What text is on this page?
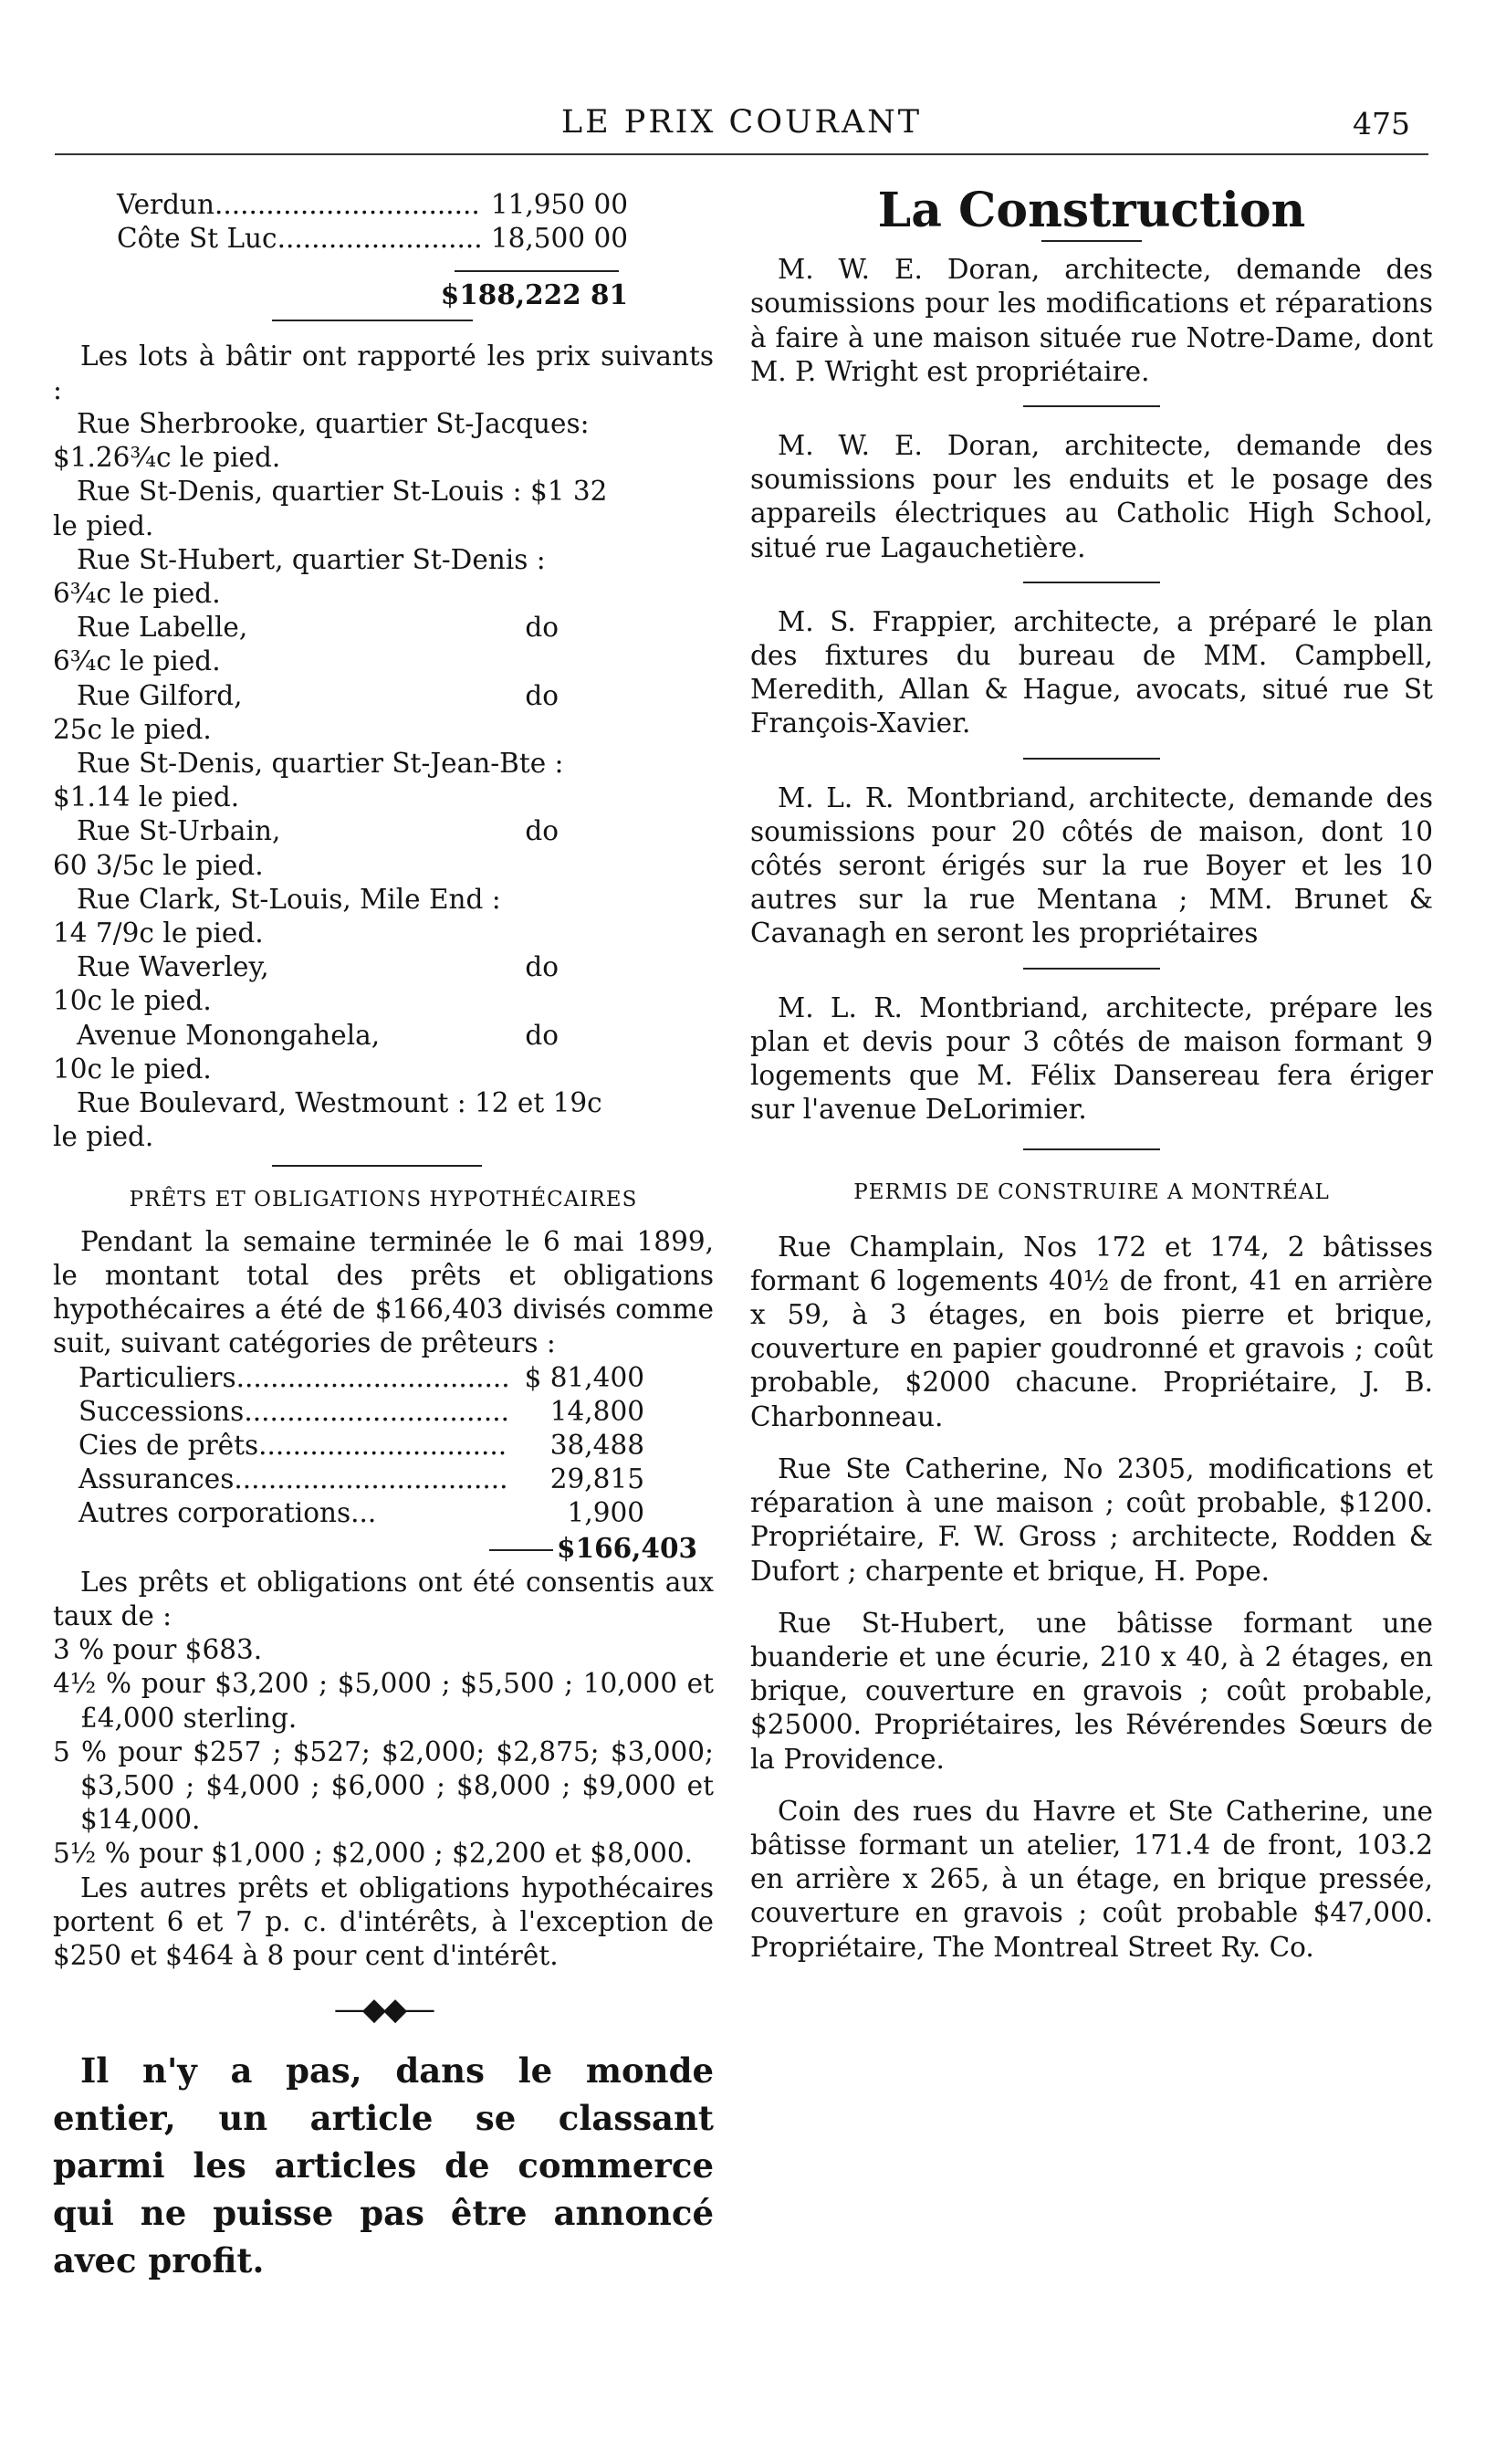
LE PRIX COURANT	475
Verdun .....	11,950 00
Côte St Luc .....	18,500 00
$188,222 81

Les lots à bâtir ont rapporté les prix suivants :

Rue Sherbrooke, quartier St-Jacques:
$1.26¾c le pied.
Rue St-Denis, quartier St-Louis : $1 32
le pied.
Rue St-Hubert, quartier St-Denis :
6¾c le pied.
Rue Labelle,	do
6¾c le pied.
Rue Gilford,	do
25c le pied.
Rue St-Denis, quartier St-Jean-Bte :
$1.14 le pied.
Rue St-Urbain,	do
60 3/5c le pied.
Rue Clark, St-Louis, Mile End :
14 7/9c le pied.
Rue Waverley,	do
10c le pied.
Avenue Monongahela,	do
10c le pied.
Rue Boulevard, Westmount : 12 et 19c
le pied.
PRÊTS ET OBLIGATIONS HYPOTHÉCAIRES

Pendant la semaine terminée le 6 mai 1899, le montant total des prêts et obligations hypothécaires a été de $166,403 divisés comme suit, suivant catégories de prêteurs :

Particuliers .....	$ 81,400
Successions .....	14,800
Cies de prêts .....	38,488
Assurances .....	29,815
Autres corporations...	1,900
$166,403

Les prêts et obligations ont été consentis aux taux de :

3 % pour $683.

4½ % pour $3,200 ; $5,000 ; $5,500 ; 10,000 et £4,000 sterling.

5 % pour $257 ; $527; $2,000; $2,875; $3,000; $3,500 ; $4,000 ; $6,000 ; $8,000 ; $9,000 et $14,000.

5½ % pour $1,000 ; $2,000 ; $2,200 et $8,000.

Les autres prêts et obligations hypothécaires portent 6 et 7 p. c. d'intérêts, à l'exception de $250 et $464 à 8 pour cent d'intérêt.

—◆◆—

Il n'y a pas, dans le monde entier, un article se classant parmi les articles de commerce qui ne puisse pas être annoncé avec profit.

La Construction

M. W. E. Doran, architecte, demande des soumissions pour les modifications et réparations à faire à une maison située rue Notre-Dame, dont M. P. Wright est propriétaire.

M. W. E. Doran, architecte, demande des soumissions pour les enduits et le posage des appareils électriques au Catholic High School, situé rue Lagauchetière.

M. S. Frappier, architecte, a préparé le plan des fixtures du bureau de MM. Campbell, Meredith, Allan & Hague, avocats, situé rue St François-Xavier.

M. L. R. Montbriand, architecte, demande des soumissions pour 20 côtés de maison, dont 10 côtés seront érigés sur la rue Boyer et les 10 autres sur la rue Mentana ; MM. Brunet & Cavanagh en seront les propriétaires

M. L. R. Montbriand, architecte, prépare les plan et devis pour 3 côtés de maison formant 9 logements que M. Félix Dansereau fera ériger sur l'avenue DeLorimier.

PERMIS DE CONSTRUIRE A MONTRÉAL

Rue Champlain, Nos 172 et 174, 2 bâtisses formant 6 logements 40½ de front, 41 en arrière x 59, à 3 étages, en bois pierre et brique, couverture en papier goudronné et gravois ; coût probable, $2000 chacune. Propriétaire, J. B. Charbonneau.

Rue Ste Catherine, No 2305, modifications et réparation à une maison ; coût probable, $1200. Propriétaire, F. W. Gross ; architecte, Rodden & Dufort ; charpente et brique, H. Pope.

Rue St-Hubert, une bâtisse formant une buanderie et une écurie, 210 x 40, à 2 étages, en brique, couverture en gravois ; coût probable, $25000. Propriétaires, les Révérendes Sœurs de la Providence.

Coin des rues du Havre et Ste Catherine, une bâtisse formant un atelier, 171.4 de front, 103.2 en arrière x 265, à un étage, en brique pressée, couverture en gravois ; coût probable $47,000. Propriétaire, The Montreal Street Ry. Co.
